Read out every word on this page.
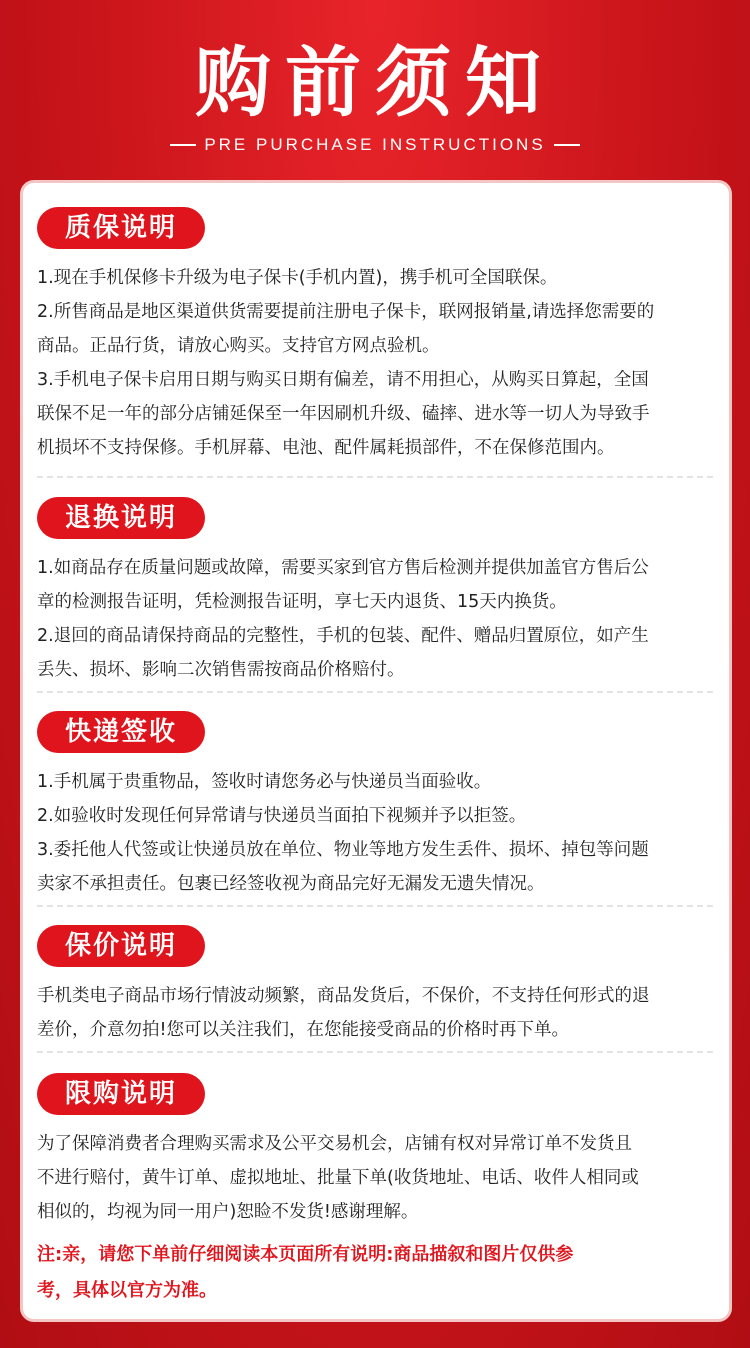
购前须知
PRE PURCHASE INSTRUCTIONS
质保说明

1.现在手机保修卡升级为电子保卡(手机内置)，携手机可全国联保。

2.所售商品是地区渠道供货需要提前注册电子保卡，联网报销量,请选择您需要的
商品。正品行货，请放心购买。支持官方网点验机。

3.手机电子保卡启用日期与购买日期有偏差，请不用担心，从购买日算起，全国
联保不足一年的部分店铺延保至一年因刷机升级、磕摔、进水等一切人为导致手
机损坏不支持保修。手机屏幕、电池、配件属耗损部件，不在保修范围内。

退换说明

1.如商品存在质量问题或故障，需要买家到官方售后检测并提供加盖官方售后公
章的检测报告证明，凭检测报告证明，享七天内退货、15天内换货。

2.退回的商品请保持商品的完整性，手机的包装、配件、赠品归置原位，如产生
丢失、损坏、影响二次销售需按商品价格赔付。

快递签收

1.手机属于贵重物品，签收时请您务必与快递员当面验收。

2.如验收时发现任何异常请与快递员当面拍下视频并予以拒签。

3.委托他人代签或让快递员放在单位、物业等地方发生丢件、损坏、掉包等问题
卖家不承担责任。包裹已经签收视为商品完好无漏发无遗失情况。

保价说明

手机类电子商品市场行情波动频繁，商品发货后，不保价，不支持任何形式的退
差价，介意勿拍!您可以关注我们，在您能接受商品的价格时再下单。

限购说明

为了保障消费者合理购买需求及公平交易机会，店铺有权对异常订单不发货且
不进行赔付，黄牛订单、虚拟地址、批量下单(收货地址、电话、收件人相同或
相似的，均视为同一用户)恕睑不发货!感谢理解。

注:亲，请您下单前仔细阅读本页面所有说明:商品描叙和图片仅供参
考，具体以官方为准。
